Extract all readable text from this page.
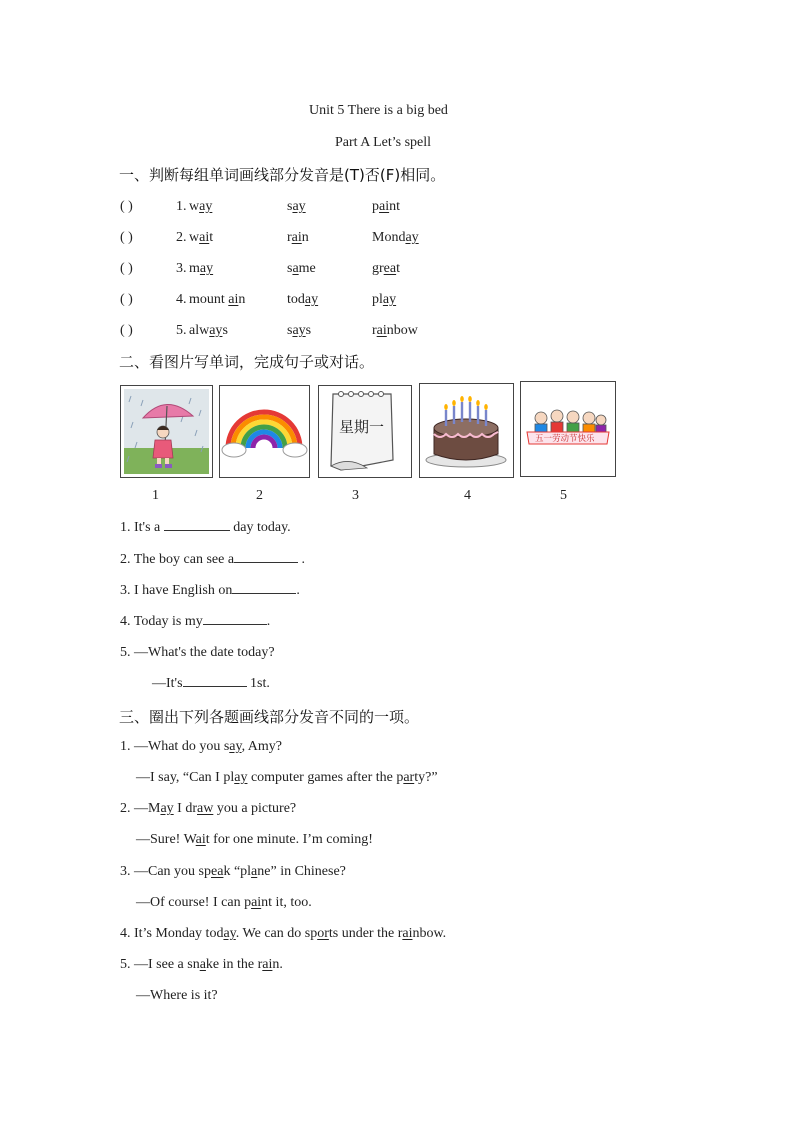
Unit 5 There is a big bed
Part A Let’s spell
一、判断每组单词画线部分发音是(T)否(F)相同。
( )	1. way	say	paint
( )	2. wait	rain	Monday
( )	3. may	same	great
( )	4. mount ain	today	play
( )	5. always	says	rainbow
二、看图片写单词，完成句子或对话。
星期一
五一劳动节快乐
1	2	3	4	5
1. It's a	day today.
2. The boy can see a	.
3. I have English on	.
4. Today is my	.
5. —What's the date today?
—It's	1st.
三、圈出下列各题画线部分发音不同的一项。
1. —What do you say, Amy?
—I say, “Can I play computer games after the party?”
2. —May I draw you a picture?
—Sure! Wait for one minute. I’m coming!
3. —Can you speak “plane” in Chinese?
—Of course! I can paint it, too.
4. It’s Monday today. We can do sports under the rainbow.
5. —I see a snake in the rain.
—Where is it?
